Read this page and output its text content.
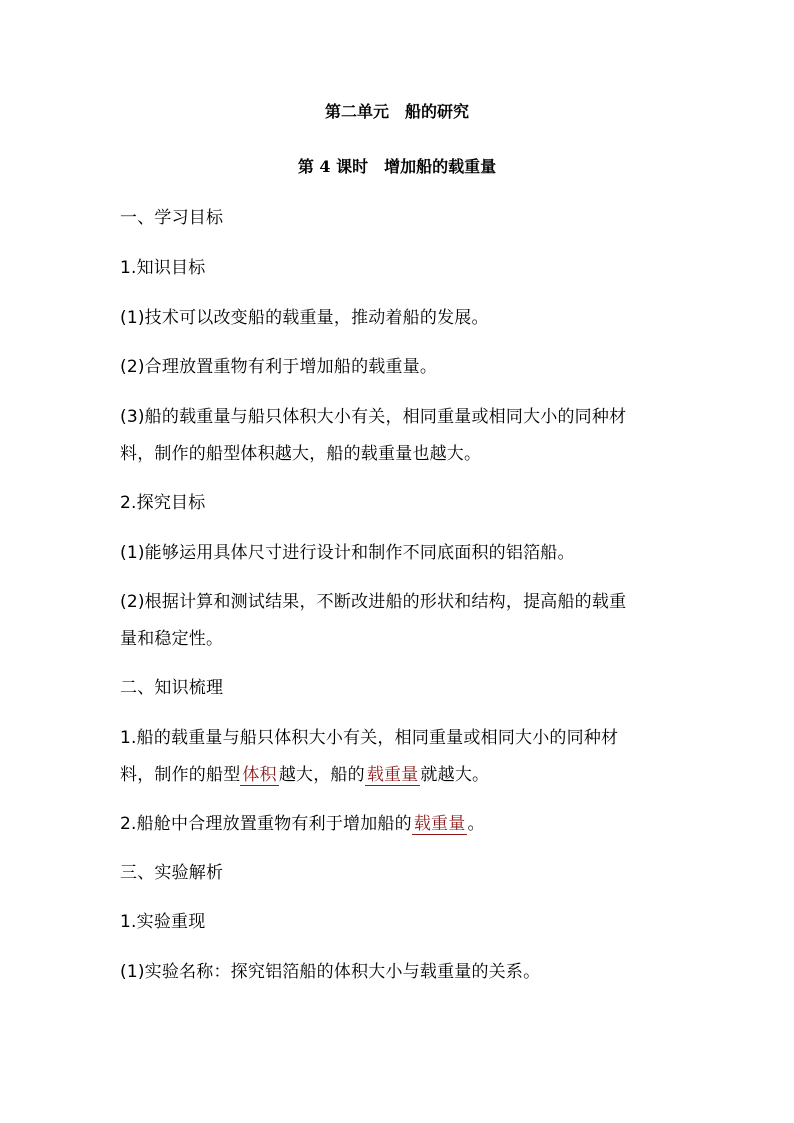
第二单元　船的研究
第 4 课时　增加船的载重量
一、学习目标
1.知识目标
(1)技术可以改变船的载重量，推动着船的发展。
(2)合理放置重物有利于增加船的载重量。
(3)船的载重量与船只体积大小有关，相同重量或相同大小的同种材
料，制作的船型体积越大，船的载重量也越大。
2.探究目标
(1)能够运用具体尺寸进行设计和制作不同底面积的铝箔船。
(2)根据计算和测试结果，不断改进船的形状和结构，提高船的载重
量和稳定性。
二、知识梳理
1.船的载重量与船只体积大小有关，相同重量或相同大小的同种材
料，制作的船型 体积 越大，船的 载重量 就越大。
2.船舱中合理放置重物有利于增加船的 载重量 。
三、实验解析
1.实验重现
(1)实验名称：探究铝箔船的体积大小与载重量的关系。
